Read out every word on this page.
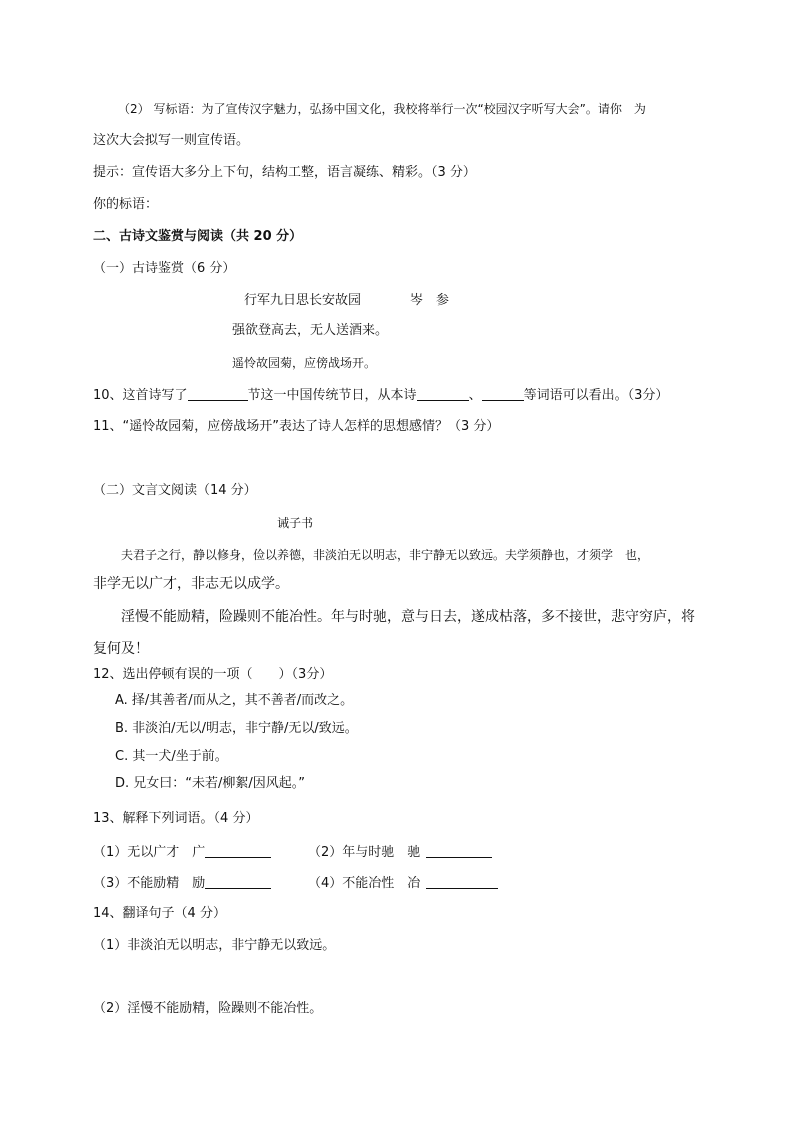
（2） 写标语：为了宣传汉字魅力，弘扬中国文化，我校将举行一次“校园汉字听写大会”。请你　为
这次大会拟写一则宣传语。
提示：宣传语大多分上下句，结构工整，语言凝练、精彩。（3 分）
你的标语：
二、古诗文鉴赏与阅读（共 20 分）
（一）古诗鉴赏（6 分）
行军九日思长安故园	岑　参
强欲登高去，无人送酒来。
遥怜故园菊，应傍战场开。
10、这首诗写了	节这一中国传统节日，从本诗	、	等词语可以看出。（3分）
11、“遥怜故园菊，应傍战场开”表达了诗人怎样的思想感情？（3 分）
（二）文言文阅读（14 分）
诫子书
夫君子之行，静以修身，俭以养德，非淡泊无以明志，非宁静无以致远。夫学须静也，才须学　也，
非学无以广才，非志无以成学。
淫慢不能励精，险躁则不能冶性。年与时驰，意与日去，遂成枯落，多不接世，悲守穷庐，将
复何及！
12、选出停顿有误的一项（　　）（3分）
A. 择/其善者/而从之，其不善者/而改之。
B. 非淡泊/无以/明志，非宁静/无以/致远。
C. 其一犬/坐于前。
D. 兄女曰：“未若/柳絮/因风起。”
13、解释下列词语。（4 分）
（1）无以广才　广	（2）年与时驰　驰
（3）不能励精　励	（4）不能冶性　冶
14、翻译句子（4 分）
（1）非淡泊无以明志，非宁静无以致远。
（2）淫慢不能励精，险躁则不能冶性。
